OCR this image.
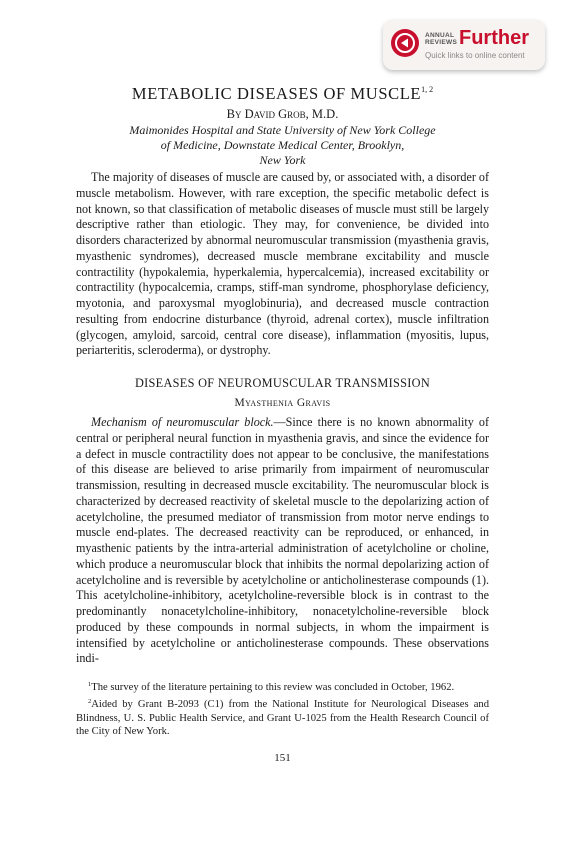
ANNUAL
REVIEWS Further
Quick links to online content
METABOLIC DISEASES OF MUSCLE$^{1, 2}$
By David Grob, M.D.
Maimonides Hospital and State University of New York College
of Medicine, Downstate Medical Center, Brooklyn,
New York

The majority of diseases of muscle are caused by, or associated with, a disorder of muscle metabolism. However, with rare exception, the specific metabolic defect is not known, so that classification of metabolic diseases of muscle must still be largely descriptive rather than etiologic. They may, for convenience, be divided into disorders characterized by abnormal neuromuscular transmission (myasthenia gravis, myasthenic syndromes), decreased muscle membrane excitability and muscle contractility (hypokalemia, hyperkalemia, hypercalcemia), increased excitability or contractility (hypocalcemia, cramps, stiff-man syndrome, phosphorylase deficiency, myotonia, and paroxysmal myoglobinuria), and decreased muscle contraction resulting from endocrine disturbance (thyroid, adrenal cortex), muscle infiltration (glycogen, amyloid, sarcoid, central core disease), inflammation (myositis, lupus, periarteritis, scleroderma), or dystrophy.

DISEASES OF NEUROMUSCULAR TRANSMISSION
Myasthenia Gravis

Mechanism of neuromuscular block.—Since there is no known abnormality of central or peripheral neural function in myasthenia gravis, and since the evidence for a defect in muscle contractility does not appear to be conclusive, the manifestations of this disease are believed to arise primarily from impairment of neuromuscular transmission, resulting in decreased muscle excitability. The neuromuscular block is characterized by decreased reactivity of skeletal muscle to the depolarizing action of acetylcholine, the presumed mediator of transmission from motor nerve endings to muscle end-plates. The decreased reactivity can be reproduced, or enhanced, in myasthenic patients by the intra-arterial administration of acetylcholine or choline, which produce a neuromuscular block that inhibits the normal depolarizing action of acetylcholine and is reversible by acetylcholine or anticholinesterase compounds (1). This acetylcholine-inhibitory, acetylcholine-reversible block is in contrast to the predominantly nonacetylcholine-inhibitory, nonacetylcholine-reversible block produced by these compounds in normal subjects, in whom the impairment is intensified by acetylcholine or anticholinesterase compounds. These observations indi-

$^1$The survey of the literature pertaining to this review was concluded in October, 1962.

$^2$Aided by Grant B-2093 (C1) from the National Institute for Neurological Diseases and Blindness, U. S. Public Health Service, and Grant U-1025 from the Health Research Council of the City of New York.

151
